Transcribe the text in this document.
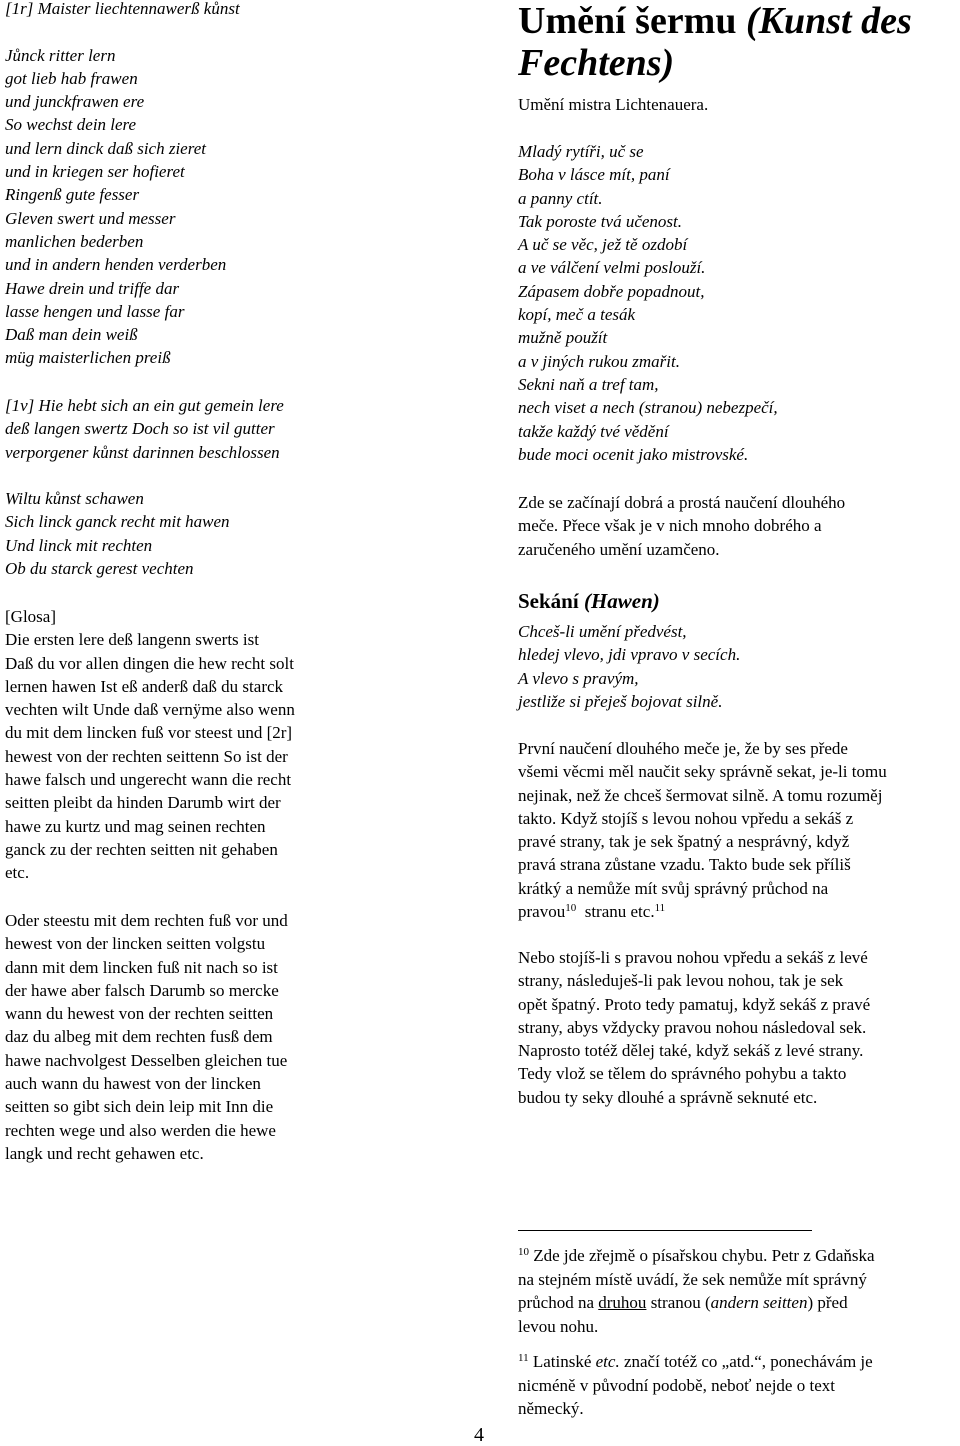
[1r] Maister liechtennawerß kůnst

Jůnck ritter lern
got lieb hab frawen
und junckfrawen ere
So wechst dein lere
und lern dinck daß sich zieret
und in kriegen ser hofieret
Ringenß gute fesser
Gleven swert und messer
manlichen bederben
und in andern henden verderben
Hawe drein und triffe dar
lasse hengen und lasse far
Daß man dein weiß
müg maisterlichen preiß
[1v] Hie hebt sich an ein gut gemein lere
deß langen swertz Doch so ist vil gutter
verporgener kůnst darinnen beschlossen
Wiltu kůnst schawen
Sich linck ganck recht mit hawen
Und linck mit rechten
Ob du starck gerest vechten
[Glosa]
Die ersten lere deß langenn swerts ist
Daß du vor allen dingen die hew recht solt
lernen hawen Ist eß anderß daß du starck
vechten wilt Unde daß vernÿme also wenn
du mit dem lincken fuß vor steest und [2r]
hewest von der rechten seittenn So ist der
hawe falsch und ungerecht wann die recht
seitten pleibt da hinden Darumb wirt der
hawe zu kurtz und mag seinen rechten
ganck zu der rechten seitten nit gehaben
etc.
Oder steestu mit dem rechten fuß vor und
hewest von der lincken seitten volgstu
dann mit dem lincken fuß nit nach so ist
der hawe aber falsch Darumb so mercke
wann du hewest von der rechten seitten
daz du albeg mit dem rechten fusß dem
hawe nachvolgest Desselben gleichen tue
auch wann du hawest von der lincken
seitten so gibt sich dein leip mit Inn die
rechten wege und also werden die hewe
langk und recht gehawen etc.
Umění šermu (Kunst des
Fechtens)
Umění mistra Lichtenauera.
Mladý rytíři, uč se
Boha v lásce mít, paní
a panny ctít.
Tak poroste tvá učenost.
A uč se věc, jež tě ozdobí
a ve válčení velmi poslouží.
Zápasem dobře popadnout,
kopí, meč a tesák
mužně použít
a v jiných rukou zmařit.
Sekni naň a tref tam,
nech viset a nech (stranou) nebezpečí,
takže každý tvé vědění
bude moci ocenit jako mistrovské.
Zde se začínají dobrá a prostá naučení dlouhého
meče. Přece však je v nich mnoho dobrého a
zaručeného umění uzamčeno.
Sekání (Hawen)
Chceš-li umění předvést,
hledej vlevo, jdi vpravo v secích.
A vlevo s pravým,
jestliže si přeješ bojovat silně.
První naučení dlouhého meče je, že by ses přede
všemi věcmi měl naučit seky správně sekat, je-li tomu
nejinak, než že chceš šermovat silně. A tomu rozuměj
takto. Když stojíš s levou nohou vpředu a sekáš z
pravé strany, tak je sek špatný a nesprávný, když
pravá strana zůstane vzadu. Takto bude sek příliš
krátký a nemůže mít svůj správný průchod na
pravou$^{10}$  stranu etc.$^{11}$
Nebo stojíš-li s pravou nohou vpředu a sekáš z levé
strany, následuješ-li pak levou nohou, tak je sek
opět špatný. Proto tedy pamatuj, když sekáš z pravé
strany, abys vždycky pravou nohou následoval sek.
Naprosto totéž dělej také, když sekáš z levé strany.
Tedy vlož se tělem do správného pohybu a takto
budou ty seky dlouhé a správně seknuté etc.

$^{10}$ Zde jde zřejmě o písařskou chybu. Petr z Gdaňska
na stejném místě uvádí, že sek nemůže mít správný
průchod na druhou stranou (andern seitten) před
levou nohu.

$^{11}$ Latinské etc. značí totéž co „atd.“, ponechávám je
nicméně v původní podobě, neboť nejde o text
německý.

4
